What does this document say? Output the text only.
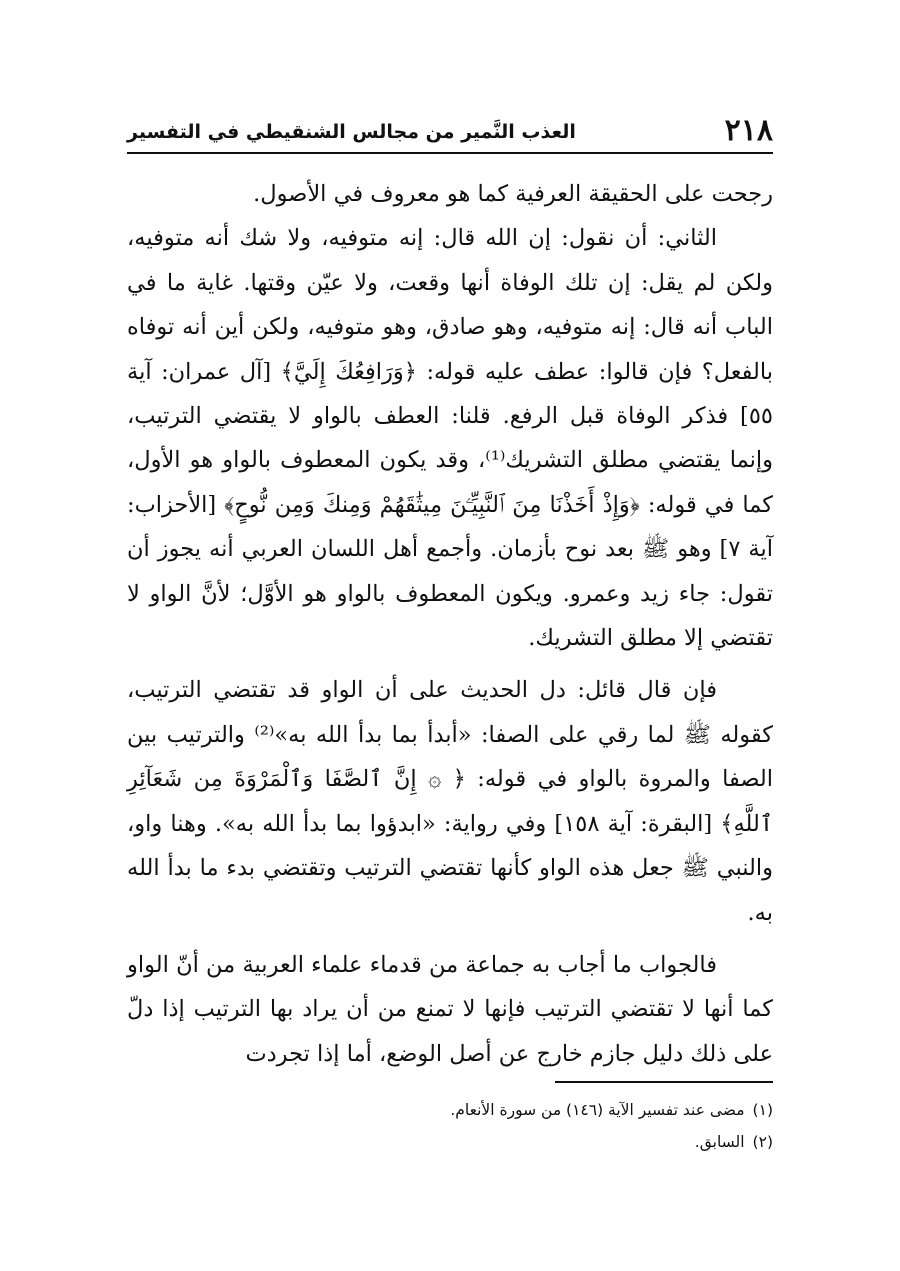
العذب النَّمير من مجالس الشنقيطي في التفسير	٢١٨

رجحت على الحقيقة العرفية كما هو معروف في الأصول.

الثاني: أن نقول: إن الله قال: إنه متوفيه، ولا شك أنه متوفيه، ولكن لم يقل: إن تلك الوفاة أنها وقعت، ولا عيّن وقتها. غاية ما في الباب أنه قال: إنه متوفيه، وهو صادق، وهو متوفيه، ولكن أين أنه توفاه بالفعل؟ فإن قالوا: عطف عليه قوله: ﴿وَرَافِعُكَ إِلَيَّ﴾ [آل عمران: آية ٥٥] فذكر الوفاة قبل الرفع. قلنا: العطف بالواو لا يقتضي الترتيب، وإنما يقتضي مطلق التشريك⁽¹⁾، وقد يكون المعطوف بالواو هو الأول، كما في قوله: ﴿وَإِذْ أَخَذْنَا مِنَ ٱلنَّبِيِّـۧنَ مِيثَٰقَهُمْ وَمِنكَ وَمِن نُّوحٍ﴾ [الأحزاب: آية ٧] وهو ﷺ بعد نوح بأزمان. وأجمع أهل اللسان العربي أنه يجوز أن تقول: جاء زيد وعمرو. ويكون المعطوف بالواو هو الأوَّل؛ لأنَّ الواو لا تقتضي إلا مطلق التشريك.

فإن قال قائل: دل الحديث على أن الواو قد تقتضي الترتيب، كقوله ﷺ لما رقي على الصفا: «أبدأ بما بدأ الله به»⁽²⁾ والترتيب بين الصفا والمروة بالواو في قوله: ﴿ ۞ إِنَّ ٱلصَّفَا وَٱلْمَرْوَةَ مِن شَعَآئِرِ ٱللَّهِ﴾ [البقرة: آية ١٥٨] وفي رواية: «ابدؤوا بما بدأ الله به». وهنا واو، والنبي ﷺ جعل هذه الواو كأنها تقتضي الترتيب وتقتضي بدء ما بدأ الله به.

فالجواب ما أجاب به جماعة من قدماء علماء العربية من أنّ الواو كما أنها لا تقتضي الترتيب فإنها لا تمنع من أن يراد بها الترتيب إذا دلّ على ذلك دليل جازم خارج عن أصل الوضع، أما إذا تجردت

(١)مضى عند تفسير الآية (١٤٦) من سورة الأنعام.

(٢)السابق.
